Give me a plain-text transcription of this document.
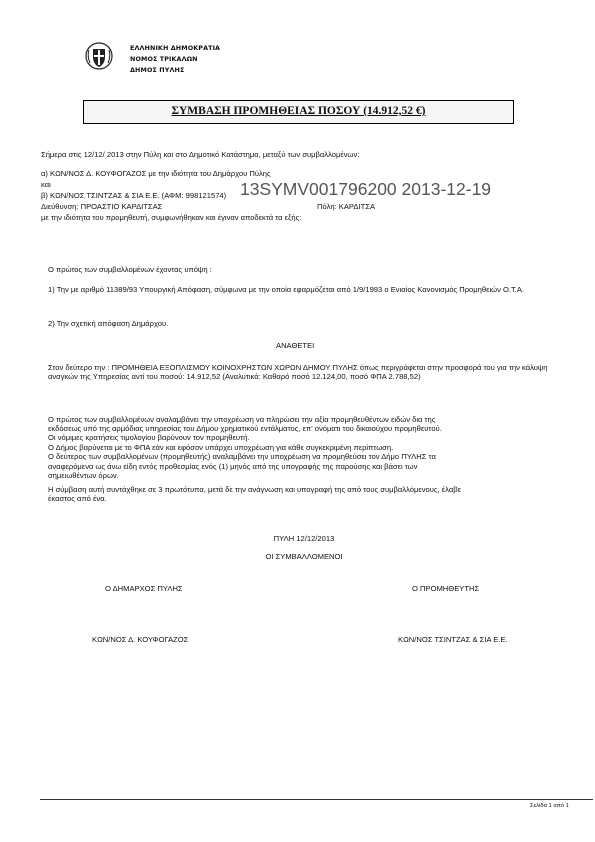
ΕΛΛΗΝΙΚΗ ΔΗΜΟΚΡΑΤΙΑ
ΝΟΜΟΣ ΤΡΙΚΑΛΩΝ
ΔΗΜΟΣ ΠΥΛΗΣ
ΣΥΜΒΑΣΗ ΠΡΟΜΗΘΕΙΑΣ ΠΟΣΟΥ (14.912,52 €)
Σήμερα στις 12/12/ 2013 στην Πύλη και στο Δημοτικό Κατάστημα, μεταξύ των συμβαλλομένων:
α) ΚΩΝ/ΝΟΣ Δ. ΚΟΥΦΟΓΑΖΟΣ με την ιδιότητα του Δημάρχου Πύλης
και
β) ΚΩΝ/ΝΟΣ ΤΣΙΝΤΖΑΣ & ΣΙΑ Ε.Ε. (ΑΦΜ: 998121574)
Διεύθυνση: ΠΡΟΑΣΤΙΟ ΚΑΡΔΙΤΣΑΣ	Πόλη: ΚΑΡΔΙΤΣΑ
με την ιδιότητα του προμηθευτή, συμφωνήθηκαν και έγιναν αποδεκτά τα εξής:
13SYMV001796200 2013-12-19
Ο πρώτος των συμβαλλομένων έχοντας υπόψη :
1) Την με αριθμό 11389/93 Υπουργική Απόφαση, σύμφωνα με την οποία εφαρμόζεται από 1/9/1993 ο Ενιαίος Κανονισμός Προμηθειών Ο.Τ.Α.
2) Την σχετική απόφαση Δημάρχου.
ΑΝΑΘΕΤΕΙ
Στον δεύτερο την : ΠΡΟΜΗΘΕΙΑ ΕΞΟΠΛΙΣΜΟΥ ΚΟΙΝΟΧΡΗΣΤΩΝ ΧΩΡΩΝ ΔΗΜΟΥ ΠΥΛΗΣ όπως περιγράφεται στην προσφορά του για την κάλυψη αναγκών της Υπηρεσίας αντί του ποσού: 14.912,52 (Αναλυτικά: Καθαρό ποσό 12.124,00, ποσό ΦΠΑ 2.788,52)
Ο πρώτος των συμβαλλομένων αναλαμβάνει την υποχρέωση να πληρώσει την αξία προμηθευθέντων ειδών δια της
εκδόσεως υπό της αρμόδιας υπηρεσίας του Δήμου χρηματικού εντάλματος, επ' ονόματι του δικαιούχου προμηθευτού.
Οι νόμιμες κρατήσεις τιμολογίου βαρύνουν τον προμηθευτή.
Ο Δήμος βαρύνεται με το ΦΠΑ εάν και εφόσον υπάρχει υποχρέωση για κάθε συγκεκριμένη περίπτωση.
Ο δεύτερος των συμβαλλομένων (προμηθευτής) αναλαμβάνει την υποχρέωση να προμηθεύσει τον Δήμο ΠΥΛΗΣ τα
αναφερόμενα ως άνω είδη εντός προθεσμίας ενός (1) μηνός από της υπογραφής της παρούσης και βάσει των
σημειωθέντων όρων.
Η σύμβαση αυτή συντάχθηκε σε 3 πρωτότυπα, μετά δε την ανάγνωση και υπογραφή της από τους συμβαλλόμενους, έλαβε
έκαστος από ένα.
ΠΥΛΗ 12/12/2013
ΟΙ ΣΥΜΒΑΛΛΟΜΕΝΟΙ
Ο ΔΗΜΑΡΧΟΣ ΠΥΛΗΣ	Ο ΠΡΟΜΗΘΕΥΤΗΣ
ΚΩΝ/ΝΟΣ Δ. ΚΟΥΦΟΓΑΖΟΣ	ΚΩΝ/ΝΟΣ ΤΣΙΝΤΖΑΣ & ΣΙΑ Ε.Ε.
Σελίδα 1 από 1
